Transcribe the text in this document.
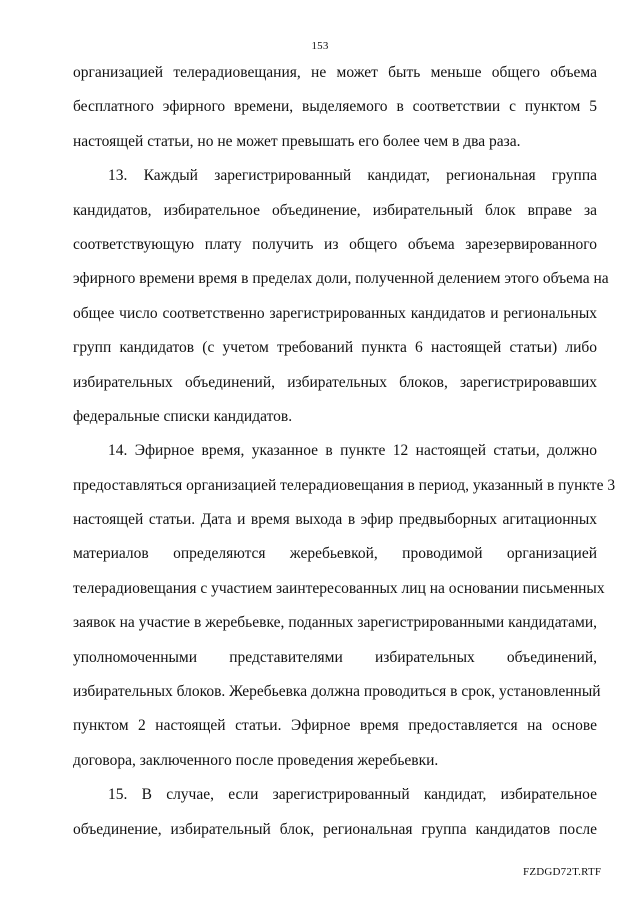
153
организацией телерадиовещания, не может быть меньше общего объема
бесплатного эфирного времени, выделяемого в соответствии с пунктом 5
настоящей статьи, но не может превышать его более чем в два раза.
13. Каждый зарегистрированный кандидат, региональная группа
кандидатов, избирательное объединение, избирательный блок вправе за
соответствующую плату получить из общего объема зарезервированного
эфирного времени время в пределах доли, полученной делением этого объема на
общее число соответственно зарегистрированных кандидатов и региональных
групп кандидатов (с учетом требований пункта 6 настоящей статьи) либо
избирательных объединений, избирательных блоков, зарегистрировавших
федеральные списки кандидатов.
14. Эфирное время, указанное в пункте 12 настоящей статьи, должно
предоставляться организацией телерадиовещания в период, указанный в пункте 3
настоящей статьи. Дата и время выхода в эфир предвыборных агитационных
материалов определяются жеребьевкой, проводимой организацией
телерадиовещания с участием заинтересованных лиц на основании письменных
заявок на участие в жеребьевке, поданных зарегистрированными кандидатами,
уполномоченными представителями избирательных объединений,
избирательных блоков. Жеребьевка должна проводиться в срок, установленный
пунктом 2 настоящей статьи. Эфирное время предоставляется на основе
договора, заключенного после проведения жеребьевки.
15. В случае, если зарегистрированный кандидат, избирательное
объединение, избирательный блок, региональная группа кандидатов после
FZDGD72T.RTF
